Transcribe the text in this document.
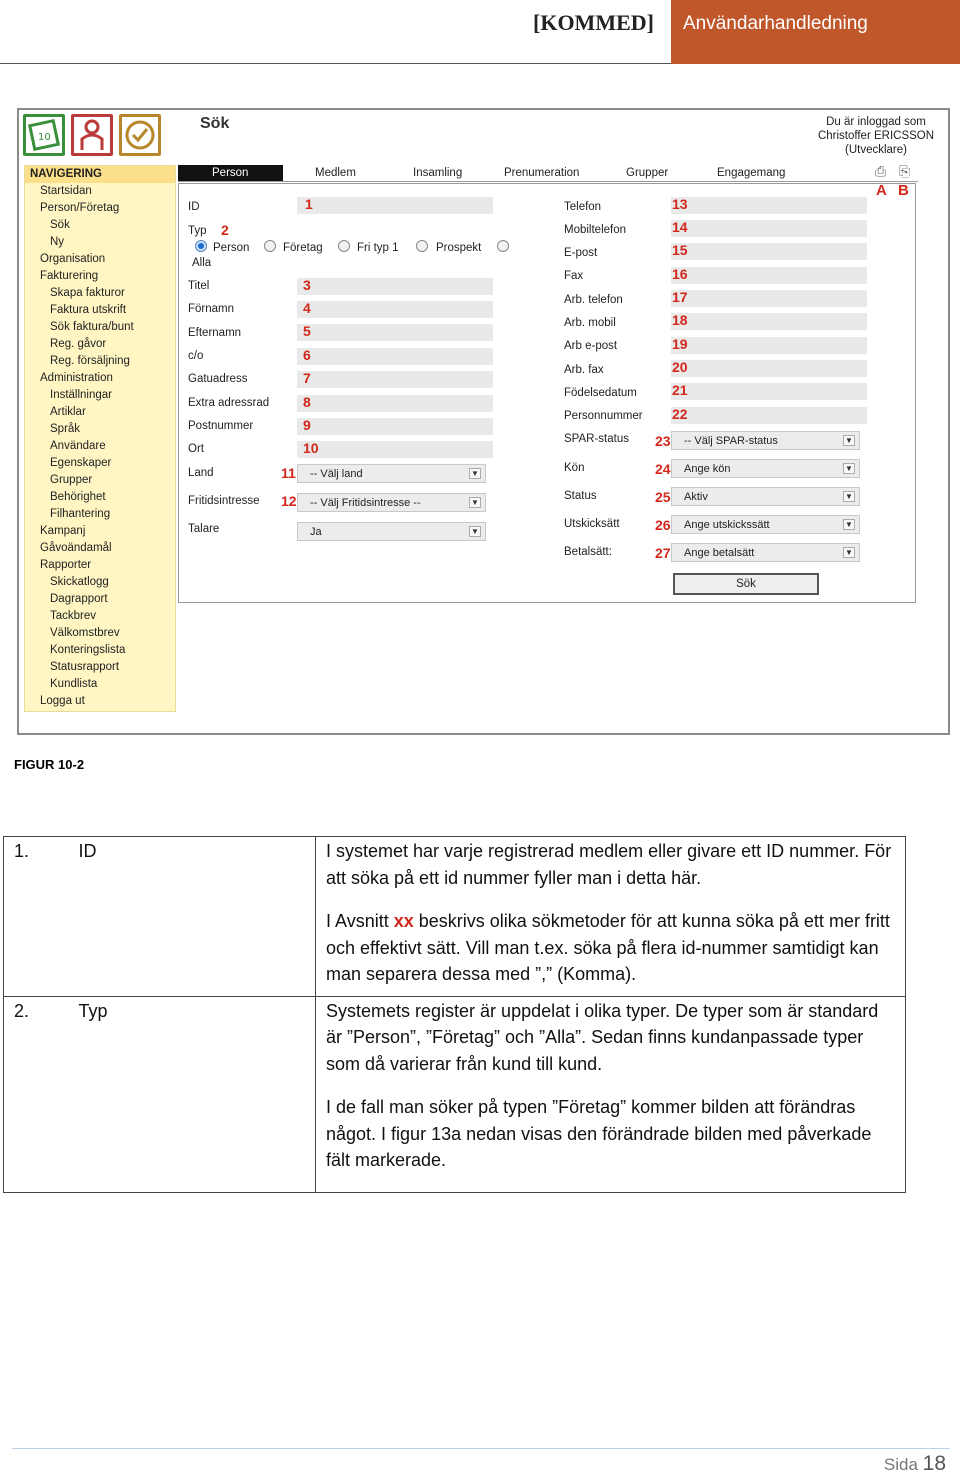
[KOMMED]	Användarhandledning
10
Sök	Du är inloggad som
Christoffer ERICSSON
(Utvecklare)
NAVIGERING
Startsidan
Person/Företag
Sök
Ny
Organisation
Fakturering
Skapa fakturor
Faktura utskrift
Sök faktura/bunt
Reg. gåvor
Reg. försäljning
Administration
Inställningar
Artiklar
Språk
Användare
Egenskaper
Grupper
Behörighet
Filhantering
Kampanj
Gåvoändamål
Rapporter
Skickatlogg
Dagrapport
Tackbrev
Välkomstbrev
Konteringslista
Statusrapport
Kundlista
Logga ut
Person	Medlem	Insamling	Prenumeration	Grupper	Engagemang	⎙ ⎘
A B
ID	1
Typ 2
Person	Företag	Fri typ 1	Prospekt
Alla
Titel	3
Förnamn	4
Efternamn	5
c/o	6
Gatuadress	7
Extra adressrad 8
Postnummer	9
Ort	10
Land	11	-- Välj land	▼
Fritidsintresse 12	-- Välj Fritidsintresse --	▼
Talare	Ja	▼
Telefon	13
Mobiltelefon	14
E-post	15
Fax	16
Arb. telefon	17
Arb. mobil	18
Arb e-post	19
Arb. fax	20
Födelsedatum	21
Personnummer 22
SPAR-status 23	-- Välj SPAR-status	▼
Kön	24	Ange kön	▼
Status	25	Aktiv	▼
Utskicksätt	26	Ange utskickssätt	▼
Betalsätt:	27	Ange betalsätt	▼
Sök
FIGUR 10-2
1.	ID	I systemet har varje registrerad medlem eller givare ett ID nummer. För att söka på ett id nummer fyller man i detta här.

I Avsnitt xx beskrivs olika sökmetoder för att kunna söka på ett mer fritt och effektivt sätt. Vill man t.ex. söka på flera id-nummer samtidigt kan man separera dessa med ”,” (Komma).

2.	Typ	Systemets register är uppdelat i olika typer. De typer som är standard är ”Person”, ”Företag” och ”Alla”. Sedan finns kundanpassade typer som då varierar från kund till kund.

I de fall man söker på typen ”Företag” kommer bilden att förändras något. I figur 13a nedan visas den förändrade bilden med påverkade fält markerade.

Sida 18
